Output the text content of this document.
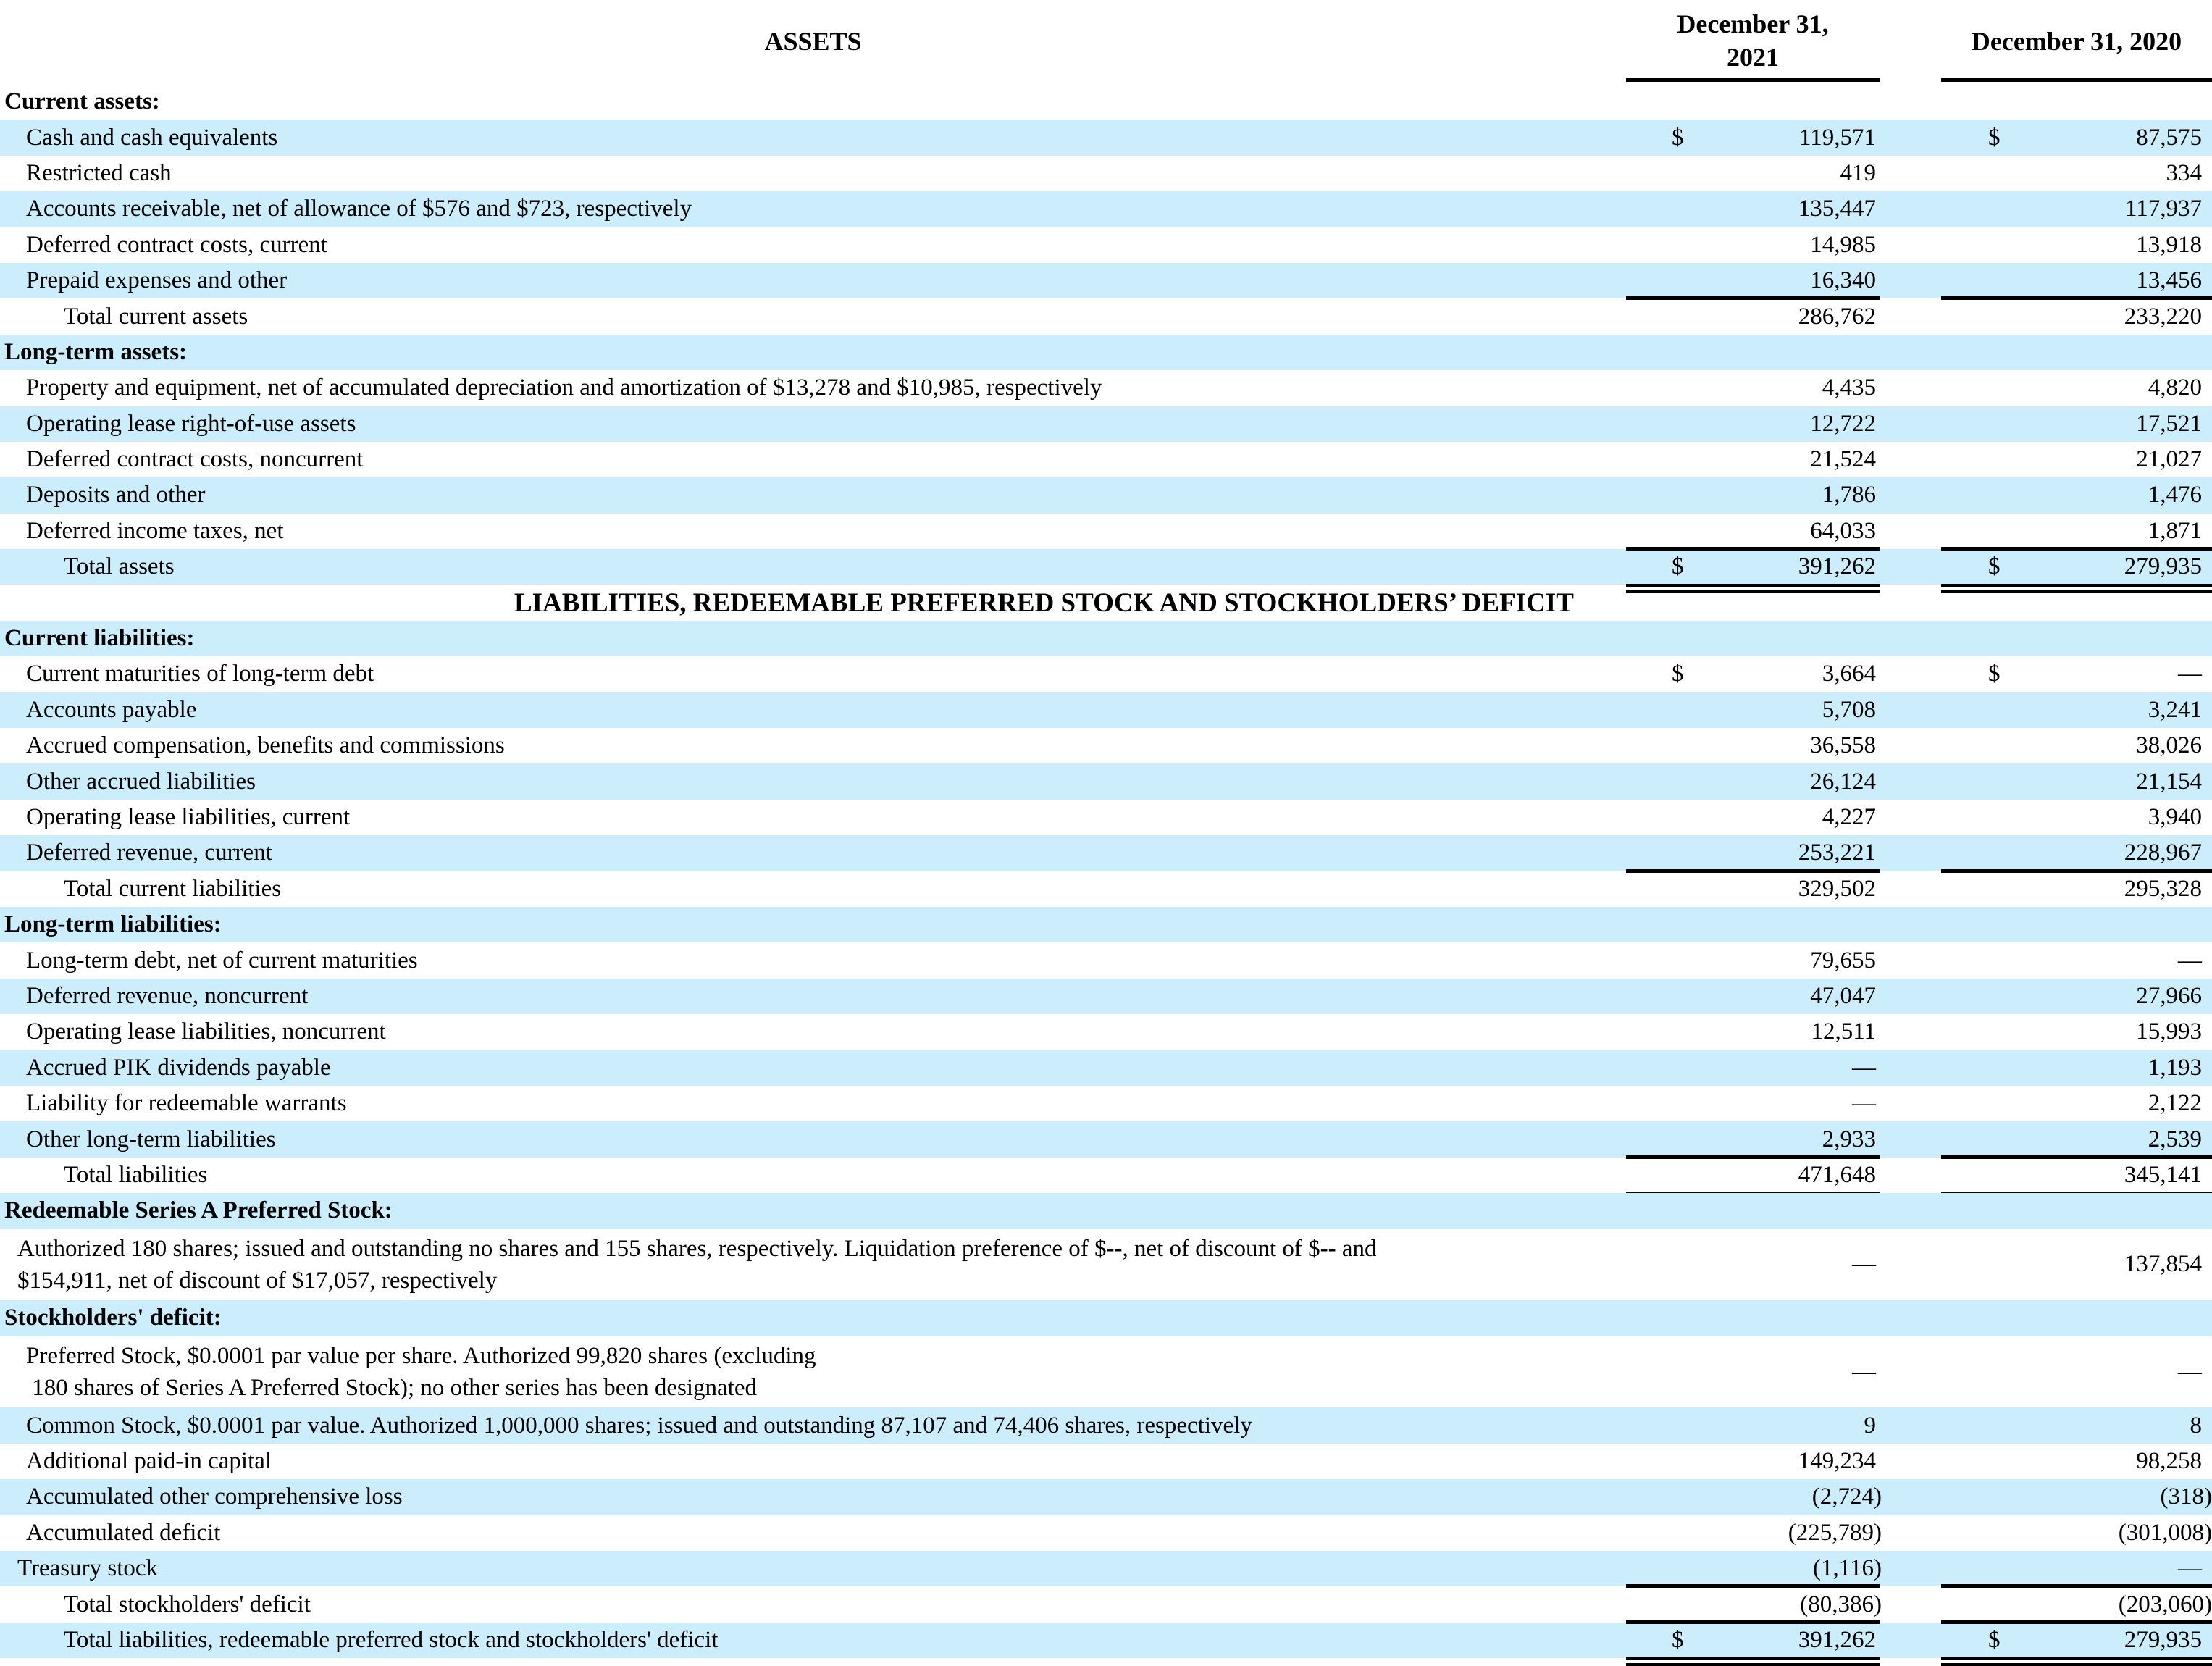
ASSETS
December 31,
2021
December 31, 2020
Current assets:
Cash and cash equivalents	$	119,571	$	87,575
Restricted cash	419	334
Accounts receivable, net of allowance of $576 and $723, respectively	135,447	117,937
Deferred contract costs, current	14,985	13,918
Prepaid expenses and other	16,340	13,456
Total current assets	286,762	233,220
Long-term assets:
Property and equipment, net of accumulated depreciation and amortization of $13,278 and $10,985, respectively	4,435	4,820
Operating lease right-of-use assets	12,722	17,521
Deferred contract costs, noncurrent	21,524	21,027
Deposits and other	1,786	1,476
Deferred income taxes, net	64,033	1,871
Total assets	$	391,262	$	279,935
LIABILITIES, REDEEMABLE PREFERRED STOCK AND STOCKHOLDERS’ DEFICIT
Current liabilities:
Current maturities of long-term debt	$	3,664	$	—
Accounts payable	5,708	3,241
Accrued compensation, benefits and commissions	36,558	38,026
Other accrued liabilities	26,124	21,154
Operating lease liabilities, current	4,227	3,940
Deferred revenue, current	253,221	228,967
Total current liabilities	329,502	295,328
Long-term liabilities:
Long-term debt, net of current maturities	79,655	—
Deferred revenue, noncurrent	47,047	27,966
Operating lease liabilities, noncurrent	12,511	15,993
Accrued PIK dividends payable	—	1,193
Liability for redeemable warrants	—	2,122
Other long-term liabilities	2,933	2,539
Total liabilities	471,648	345,141
Redeemable Series A Preferred Stock:
Authorized 180 shares; issued and outstanding no shares and 155 shares, respectively. Liquidation preference of $--, net of discount of $-- and
$154,911, net of discount of $17,057, respectively
—	137,854
Stockholders' deficit:
Preferred Stock, $0.0001 par value per share. Authorized 99,820 shares (excluding
180 shares of Series A Preferred Stock); no other series has been designated
—	—
Common Stock, $0.0001 par value. Authorized 1,000,000 shares; issued and outstanding 87,107 and 74,406 shares, respectively	9	8
Additional paid-in capital	149,234	98,258
Accumulated other comprehensive loss	(2,724)	(318)
Accumulated deficit	(225,789)	(301,008)
Treasury stock	(1,116)	—
Total stockholders' deficit	(80,386)	(203,060)
Total liabilities, redeemable preferred stock and stockholders' deficit	$	391,262	$	279,935
